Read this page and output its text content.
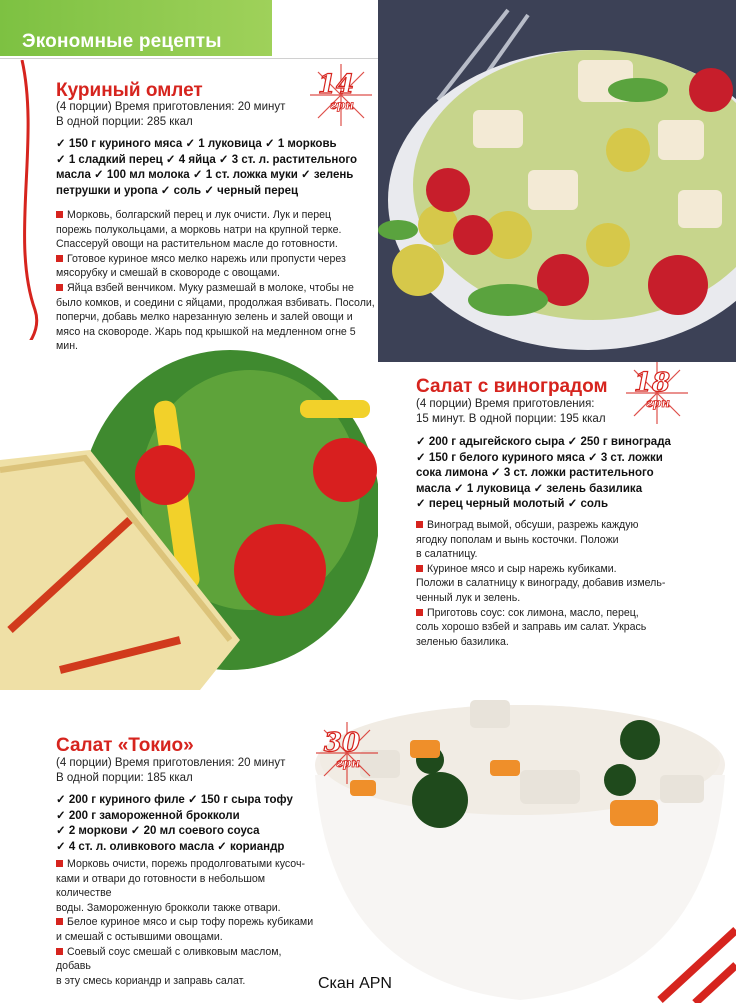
Экономные рецепты
Куриный омлет
(4 порции) Время приготовления: 20 минут
В одной порции: 285 ккал
14
грн
✓ 150 г куриного мяса ✓ 1 луковица ✓ 1 морковь
✓ 1 сладкий перец ✓ 4 яйца ✓ 3 ст. л. растительного
масла ✓ 100 мл молока ✓ 1 ст. ложка муки ✓ зелень
петрушки и уропа ✓ соль ✓ черный перец

Морковь, болгарский перец и лук очисти. Лук и перец

порежь полукольцами, а морковь натри на крупной терке.

Спассеруй овощи на растительном масле до готовности.

Готовое куриное мясо мелко нарежь или пропусти через

мясорубку и смешай в сковороде с овощами.

Яйца взбей венчиком. Муку размешай в молоке, чтобы не

было комков, и соедини с яйцами, продолжая взбивать. Посоли,

поперчи, добавь мелко нарезанную зелень и залей овощи и

мясо на сковороде. Жарь под крышкой на медленном огне 5 мин.

Салат с виноградом
(4 порции) Время приготовления:
15 минут. В одной порции: 195 ккал
18
грн
✓ 200 г адыгейского сыра ✓ 250 г винограда
✓ 150 г белого куриного мяса ✓ 3 ст. ложки
сока лимона ✓ 3 ст. ложки растительного
масла ✓ 1 луковица ✓ зелень базилика
✓ перец черный молотый ✓ соль

Виноград вымой, обсуши, разрежь каждую

ягодку пополам и вынь косточки. Положи

в салатницу.

Куриное мясо и сыр нарежь кубиками.

Положи в салатницу к винограду, добавив измель-

ченный лук и зелень.

Приготовь соус: сок лимона, масло, перец,

соль хорошо взбей и заправь им салат. Укрась

зеленью базилика.

Салат «Токио»
(4 порции) Время приготовления: 20 минут
В одной порции: 185 ккал
30
грн
✓ 200 г куриного филе ✓ 150 г сыра тофу
✓ 200 г замороженной брокколи
✓ 2 моркови ✓ 20 мл соевого соуса
✓ 4 ст. л. оливкового масла ✓ кориандр

Морковь очисти, порежь продолговатыми кусоч-

ками и отвари до готовности в небольшом количестве

воды. Замороженную брокколи также отвари.

Белое куриное мясо и сыр тофу порежь кубиками

и смешай с остывшими овощами.

Соевый соус смешай с оливковым маслом, добавь

в эту смесь кориандр и заправь салат.	Скан APN
